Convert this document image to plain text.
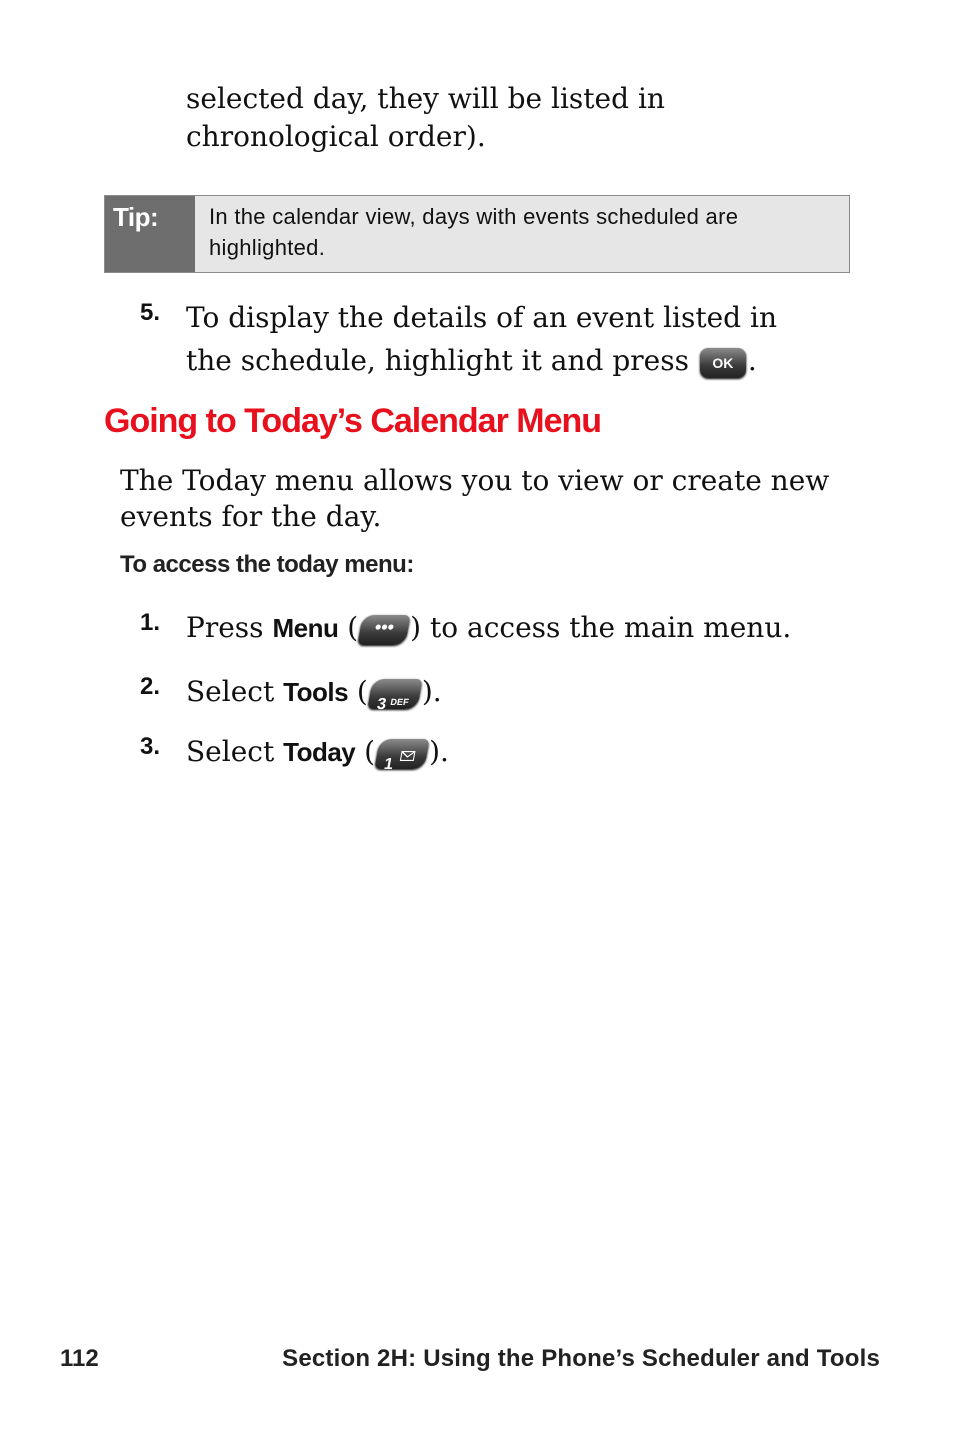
selected day, they will be listed in chronological order).

Tip:	In the calendar view, days with events scheduled are highlighted.
5. To display the details of an event listed in the schedule, highlight it and press OK .
Going to Today’s Calendar Menu

The Today menu allows you to view or create new events for the day.

To access the today menu:

1. Press Menu ( ••• ) to access the main menu.
2. Select Tools ( 3 DEF ).
3. Select Today ( 1 ).
112	Section 2H: Using the Phone’s Scheduler and Tools
